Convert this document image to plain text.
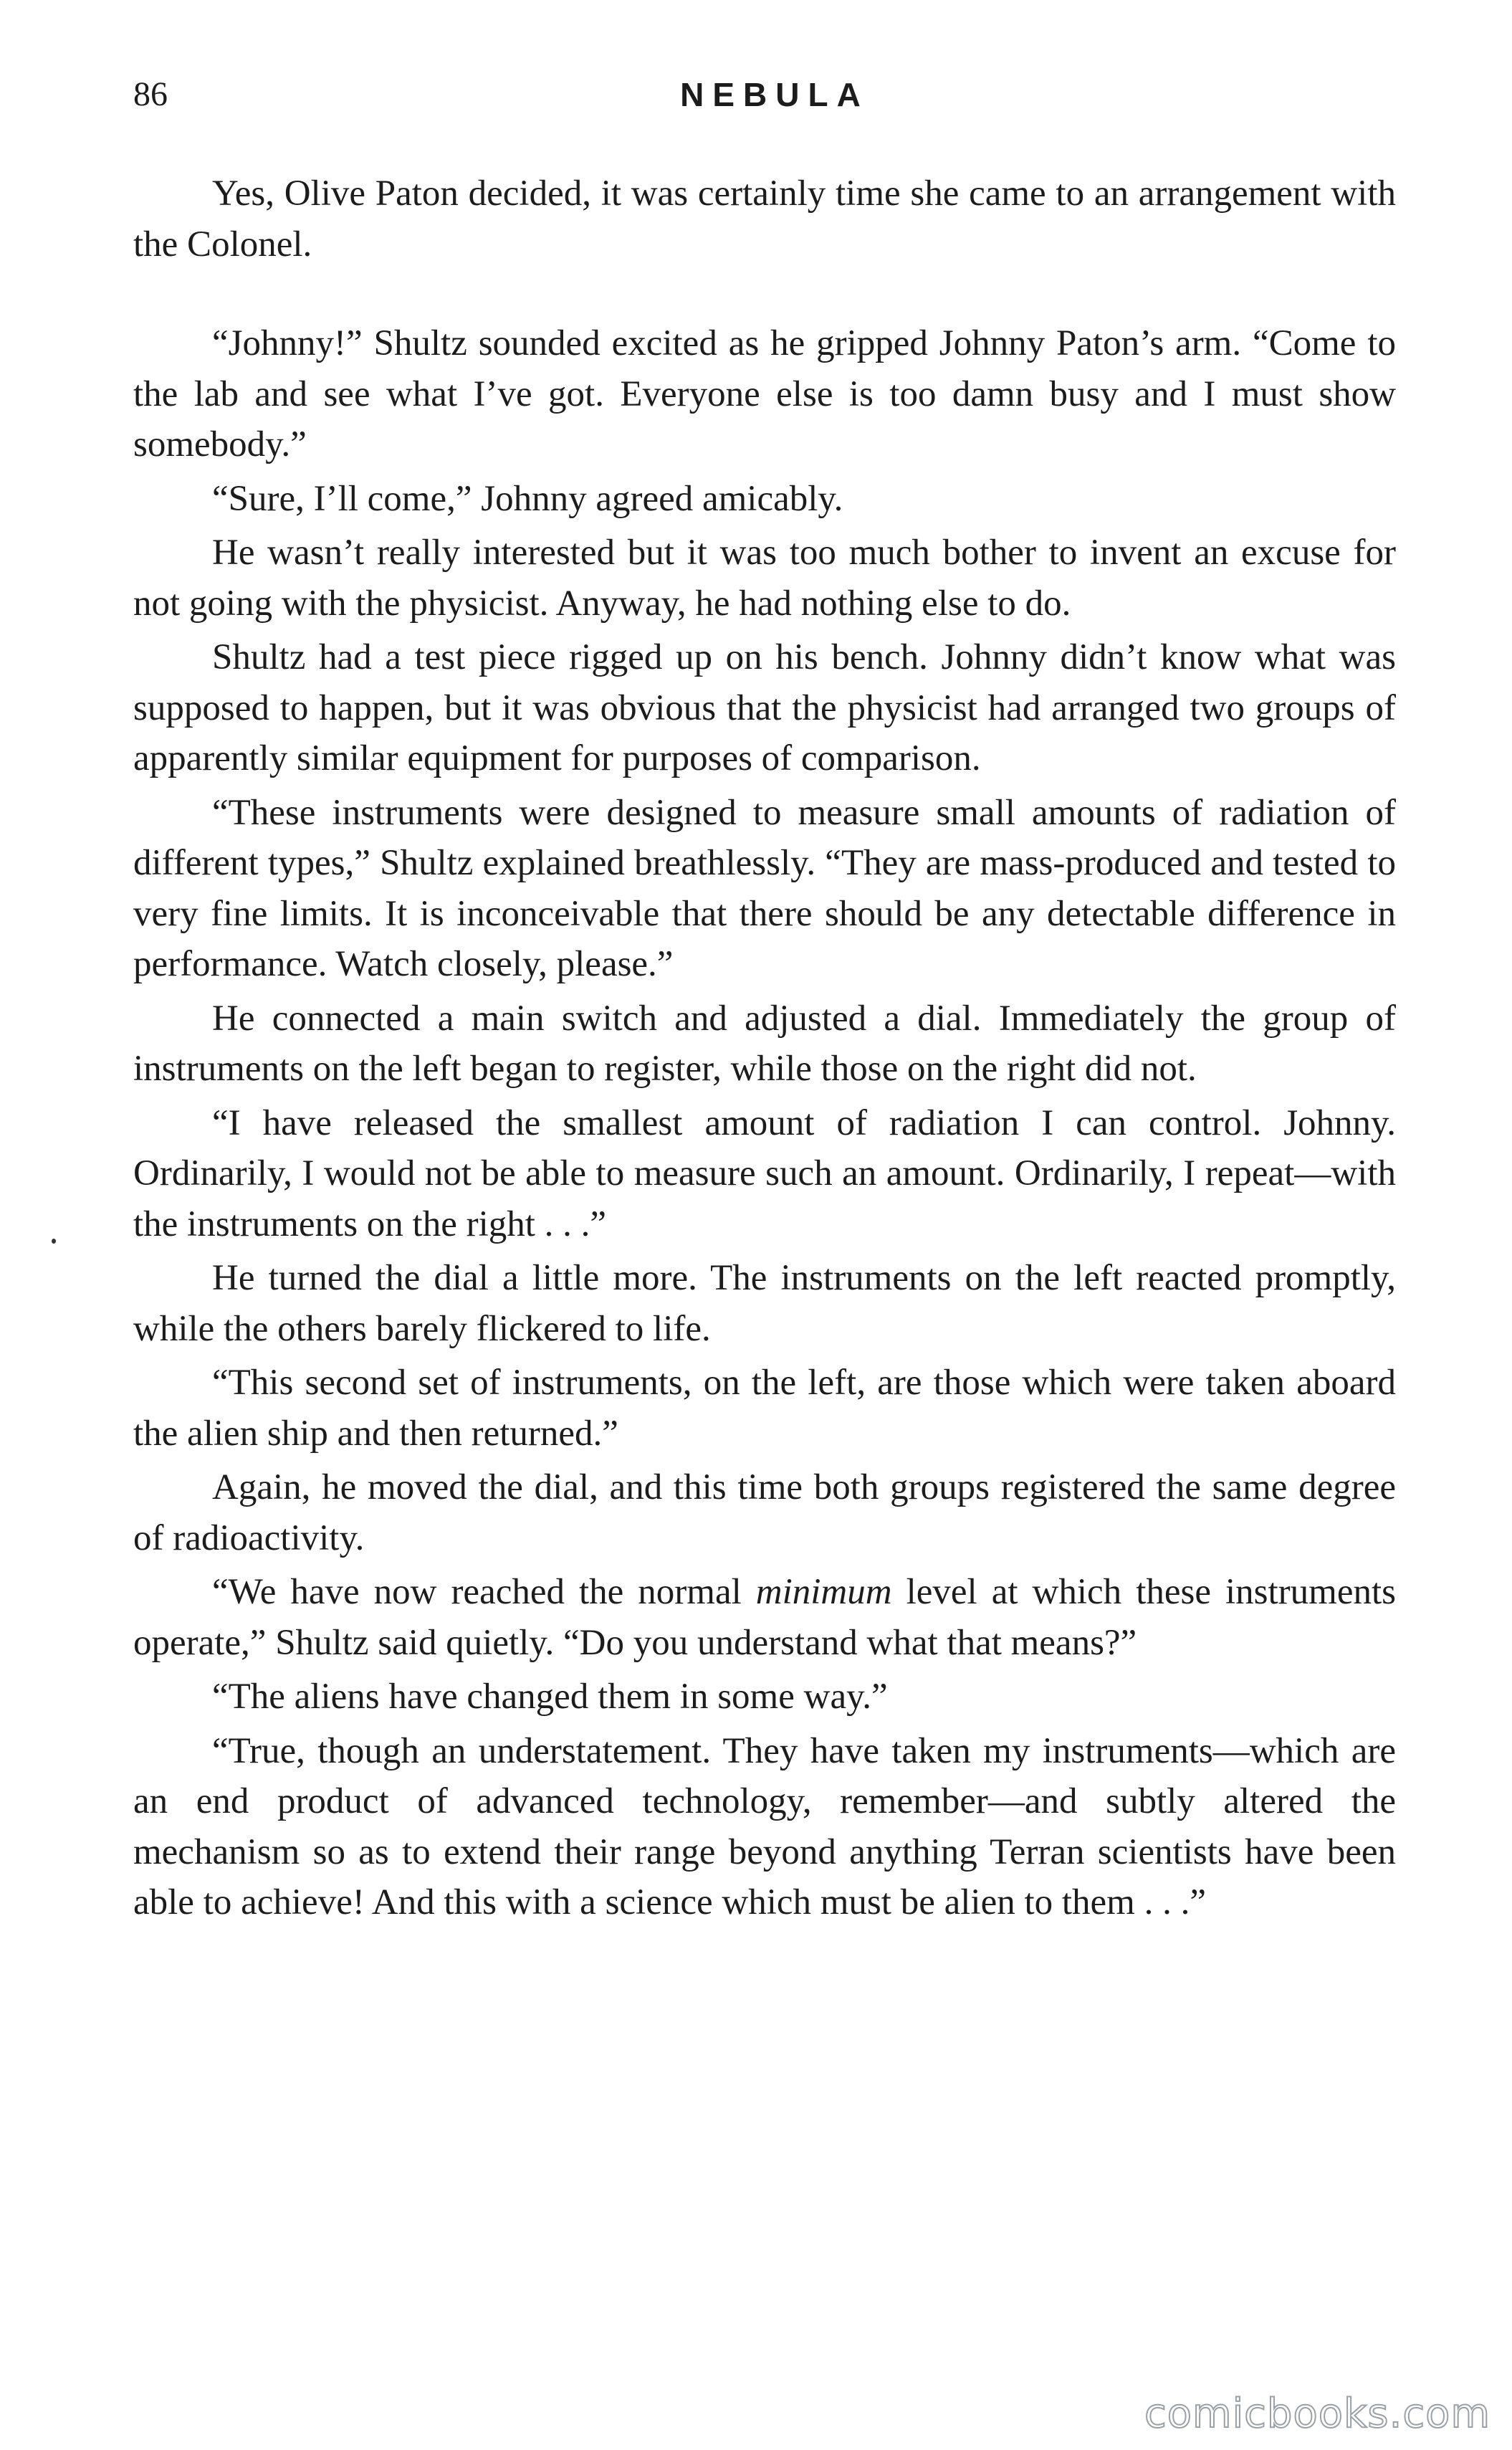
86	NEBULA

Yes, Olive Paton decided, it was certainly time she came to an arrangement with the Colonel.

“Johnny!” Shultz sounded excited as he gripped Johnny Paton’s arm. “Come to the lab and see what I’ve got. Everyone else is too damn busy and I must show somebody.”

“Sure, I’ll come,” Johnny agreed amicably.

He wasn’t really interested but it was too much bother to invent an excuse for not going with the physicist. Anyway, he had nothing else to do.

Shultz had a test piece rigged up on his bench. Johnny didn’t know what was supposed to happen, but it was obvious that the physicist had arranged two groups of apparently similar equipment for purposes of comparison.

“These instruments were designed to measure small amounts of radiation of different types,” Shultz explained breathlessly. “They are mass-produced and tested to very fine limits. It is inconceivable that there should be any detectable difference in performance. Watch closely, please.”

He connected a main switch and adjusted a dial. Immediately the group of instruments on the left began to register, while those on the right did not.

“I have released the smallest amount of radiation I can control. Johnny. Ordinarily, I would not be able to measure such an amount. Ordinarily, I repeat—with the instruments on the right . . .”

He turned the dial a little more. The instruments on the left reacted promptly, while the others barely flickered to life.

“This second set of instruments, on the left, are those which were taken aboard the alien ship and then returned.”

Again, he moved the dial, and this time both groups registered the same degree of radioactivity.

“We have now reached the normal minimum level at which these instruments operate,” Shultz said quietly. “Do you understand what that means?”

“The aliens have changed them in some way.”

“True, though an understatement. They have taken my instruments—which are an end product of advanced technology, remember—and subtly altered the mechanism so as to extend their range beyond anything Terran scientists have been able to achieve! And this with a science which must be alien to them . . .”

comicbooks.com
